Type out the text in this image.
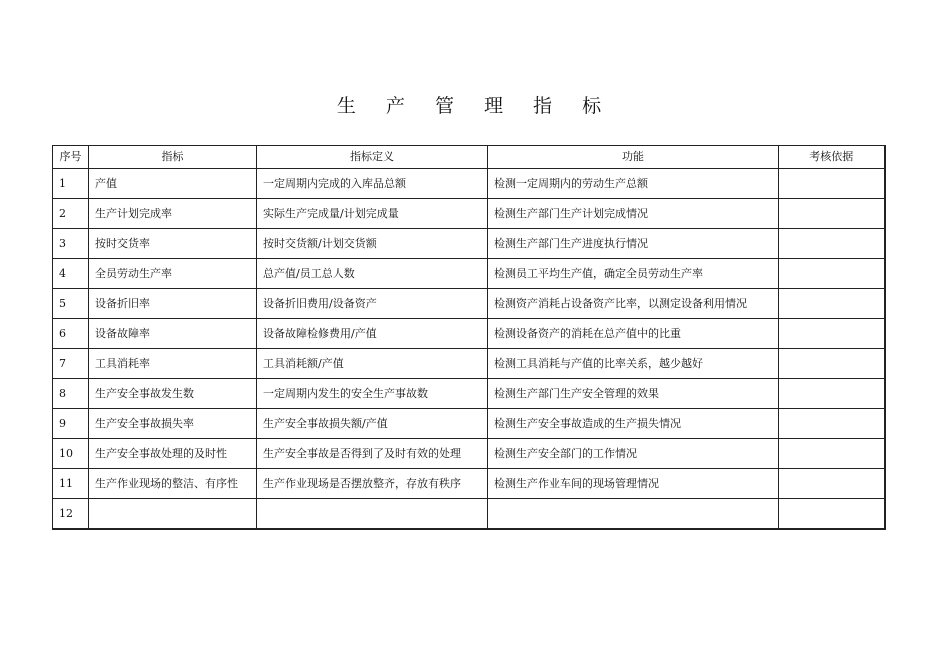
生 产 管 理 指 标
序号	指标	指标定义	功能	考核依据
1	产值	一定周期内完成的入库品总额	检测一定周期内的劳动生产总额	
2	生产计划完成率	实际生产完成量/计划完成量	检测生产部门生产计划完成情况	
3	按时交货率	按时交货额/计划交货额	检测生产部门生产进度执行情况	
4	全员劳动生产率	总产值/员工总人数	检测员工平均生产值，确定全员劳动生产率	
5	设备折旧率	设备折旧费用/设备资产	检测资产消耗占设备资产比率，以测定设备利用情况	
6	设备故障率	设备故障检修费用/产值	检测设备资产的消耗在总产值中的比重	
7	工具消耗率	工具消耗额/产值	检测工具消耗与产值的比率关系，越少越好	
8	生产安全事故发生数	一定周期内发生的安全生产事故数	检测生产部门生产安全管理的效果	
9	生产安全事故损失率	生产安全事故损失额/产值	检测生产安全事故造成的生产损失情况	
10	生产安全事故处理的及时性	生产安全事故是否得到了及时有效的处理	检测生产安全部门的工作情况	
11	生产作业现场的整洁、有序性	生产作业现场是否摆放整齐，存放有秩序	检测生产作业车间的现场管理情况	
12				
